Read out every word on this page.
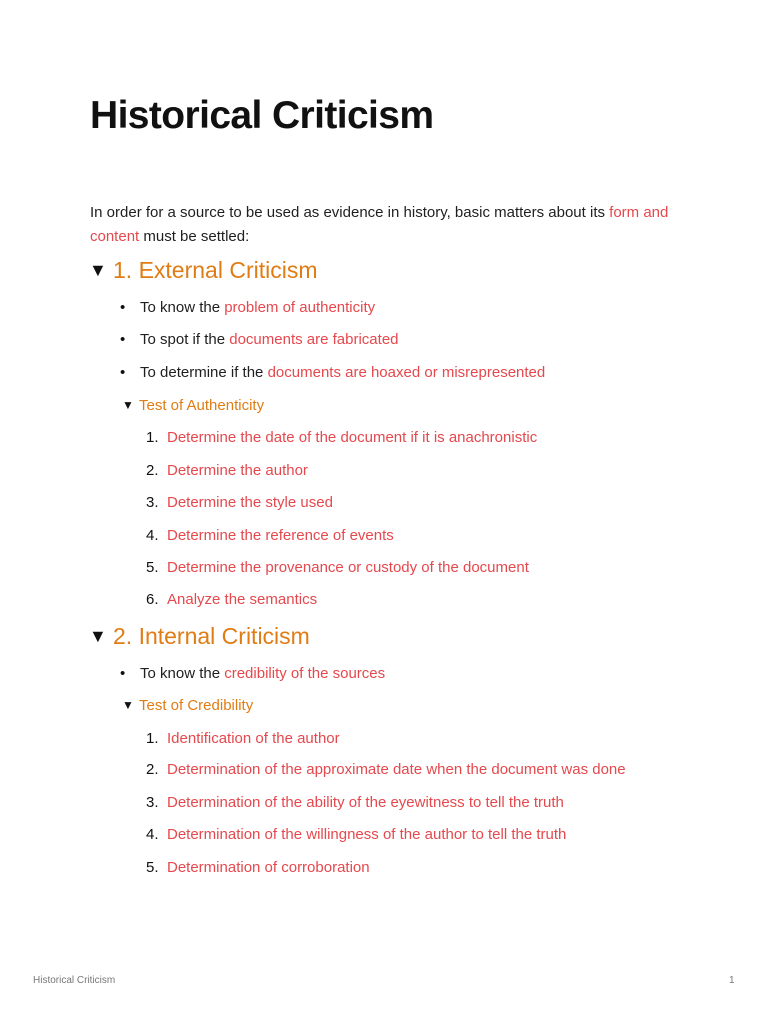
Historical Criticism

In order for a source to be used as evidence in history, basic matters about its form and content must be settled:

▼ 1. External Criticism
• To know the
problem of authenticity
• To spot if the
documents are fabricated
• To determine if the
documents are hoaxed or misrepresented
▼ Test of Authenticity
1. Determine the date of the document if it is anachronistic
2. Determine the author
3. Determine the style used
4. Determine the reference of events
5. Determine the provenance or custody of the document
6. Analyze the semantics
▼ 2. Internal Criticism
• To know the
credibility of the sources
▼ Test of Credibility
1. Identification of the author
2. Determination of the approximate date when the document was done
3. Determination of the ability of the eyewitness to tell the truth
4. Determination of the willingness of the author to tell the truth
5. Determination of corroboration
Historical Criticism	1
